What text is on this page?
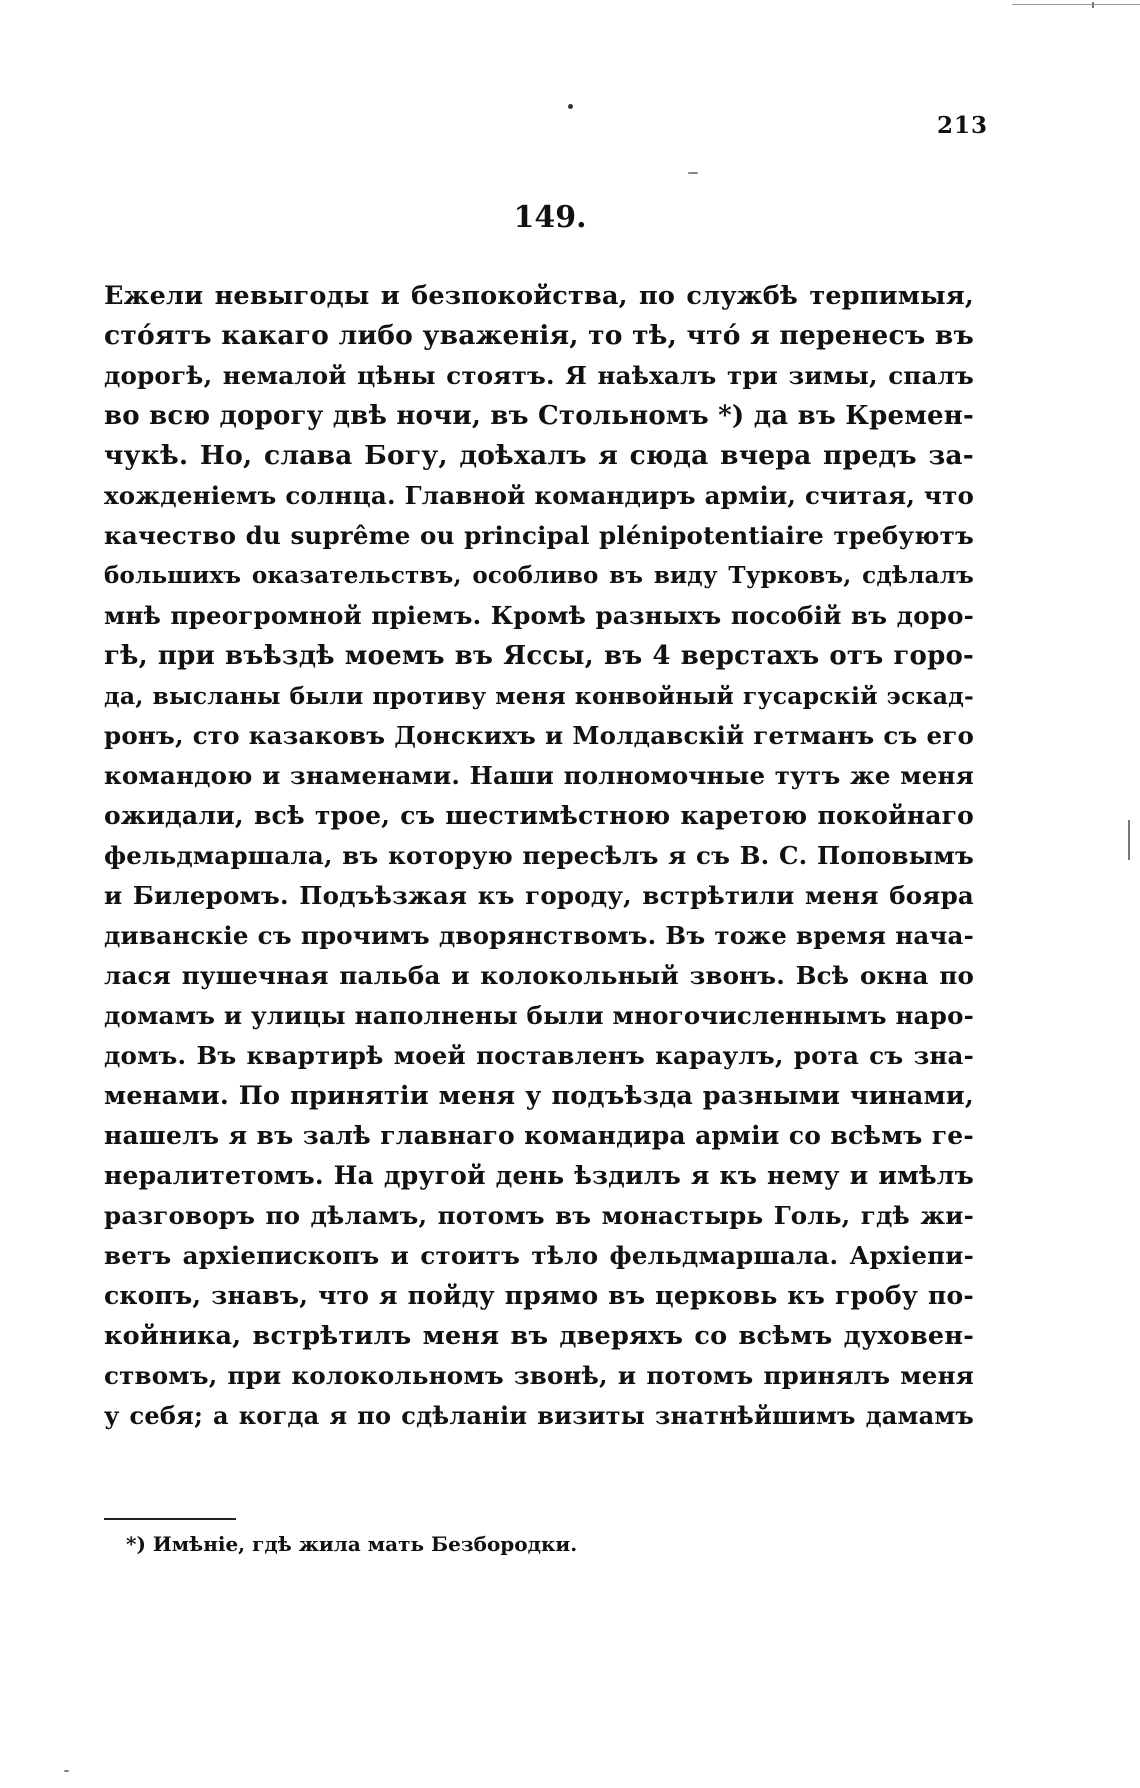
213
149.
Ежели невыгоды и безпокойства, по службѣ терпимыя,
стóятъ какаго либо уваженія, то тѣ, чтó я перенесъ въ
дорогѣ, немалой цѣны стоятъ. Я наѣхалъ три зимы, спалъ
во всю дорогу двѣ ночи, въ Стольномъ *) да въ Кремен-
чукѣ. Но, слава Богу, доѣхалъ я сюда вчера предъ за-
хожденіемъ солнца. Главной командиръ арміи, считая, что
качество du suprême ou principal plénipotentiaire требуютъ
большихъ оказательствъ, особливо въ виду Турковъ, сдѣлалъ
мнѣ преогромной пріемъ. Кромѣ разныхъ пособій въ доро-
гѣ, при въѣздѣ моемъ въ Яссы, въ 4 верстахъ отъ горо-
да, высланы были противу меня конвойный гусарскій эскад-
ронъ, сто казаковъ Донскихъ и Молдавскій гетманъ съ его
командою и знаменами. Наши полномочные тутъ же меня
ожидали, всѣ трое, съ шестимѣстною каретою покойнаго
фельдмаршала, въ которую пересѣлъ я съ В. С. Поповымъ
и Билеромъ. Подъѣзжая къ городу, встрѣтили меня бояра
диванскіе съ прочимъ дворянствомъ. Въ тоже время нача-
лася пушечная пальба и колокольный звонъ. Всѣ окна по
домамъ и улицы наполнены были многочисленнымъ наро-
домъ. Въ квартирѣ моей поставленъ караулъ, рота съ зна-
менами. По принятіи меня у подъѣзда разными чинами,
нашелъ я въ залѣ главнаго командира арміи со всѣмъ ге-
нералитетомъ. На другой день ѣздилъ я къ нему и имѣлъ
разговоръ по дѣламъ, потомъ въ монастырь Голь, гдѣ жи-
ветъ архіепископъ и стоитъ тѣло фельдмаршала. Архіепи-
скопъ, знавъ, что я пойду прямо въ церковь къ гробу по-
койника, встрѣтилъ меня въ дверяхъ со всѣмъ духовен-
ствомъ, при колокольномъ звонѣ, и потомъ принялъ меня
у себя; а когда я по сдѣланіи визиты знатнѣйшимъ дамамъ
*) Имѣніе, гдѣ жила мать Безбородки.
